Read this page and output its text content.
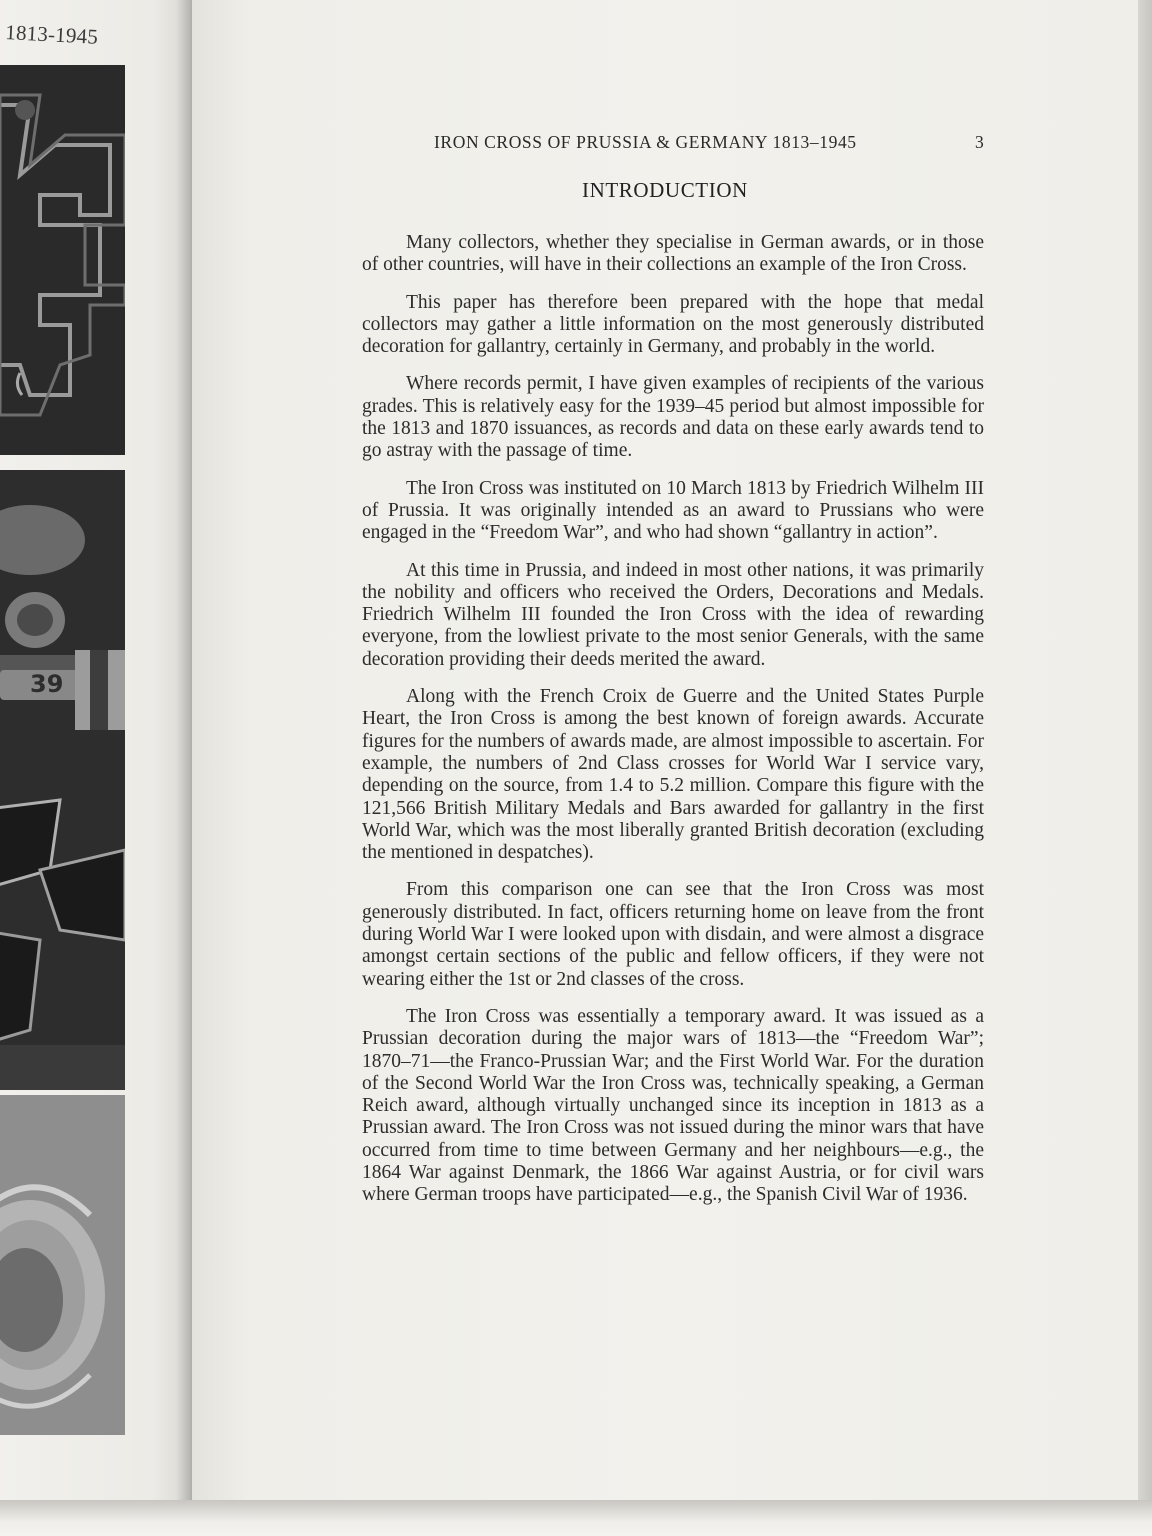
1813-1945
39
IRON CROSS OF PRUSSIA & GERMANY 1813–1945	3
INTRODUCTION

Many collectors, whether they specialise in German awards, or in those of other countries, will have in their collections an example of the Iron Cross.

This paper has therefore been prepared with the hope that medal collectors may gather a little information on the most generously distributed decoration for gallantry, certainly in Germany, and probably in the world.

Where records permit, I have given examples of recipients of the various grades. This is relatively easy for the 1939–45 period but almost impossible for the 1813 and 1870 issuances, as records and data on these early awards tend to go astray with the passage of time.

The Iron Cross was instituted on 10 March 1813 by Friedrich Wilhelm III of Prussia. It was originally intended as an award to Prussians who were engaged in the “Freedom War”, and who had shown “gallantry in action”.

At this time in Prussia, and indeed in most other nations, it was primarily the nobility and officers who received the Orders, Decorations and Medals. Friedrich Wilhelm III founded the Iron Cross with the idea of rewarding everyone, from the lowliest private to the most senior Generals, with the same decoration providing their deeds merited the award.

Along with the French Croix de Guerre and the United States Purple Heart, the Iron Cross is among the best known of foreign awards. Accurate figures for the numbers of awards made, are almost impossible to ascertain. For example, the numbers of 2nd Class crosses for World War I service vary, depending on the source, from 1.4 to 5.2 million. Compare this figure with the 121,566 British Military Medals and Bars awarded for gallantry in the first World War, which was the most liberally granted British decoration (excluding the mentioned in despatches).

From this comparison one can see that the Iron Cross was most generously distributed. In fact, officers returning home on leave from the front during World War I were looked upon with disdain, and were almost a disgrace amongst certain sections of the public and fellow officers, if they were not wearing either the 1st or 2nd classes of the cross.

The Iron Cross was essentially a temporary award. It was issued as a Prussian decoration during the major wars of 1813—the “Freedom War”; 1870–71—the Franco-Prussian War; and the First World War. For the duration of the Second World War the Iron Cross was, technically speaking, a German Reich award, although virtually unchanged since its inception in 1813 as a Prussian award. The Iron Cross was not issued during the minor wars that have occurred from time to time between Germany and her neighbours—e.g., the 1864 War against Denmark, the 1866 War against Austria, or for civil wars where German troops have participated—e.g., the Spanish Civil War of 1936.
